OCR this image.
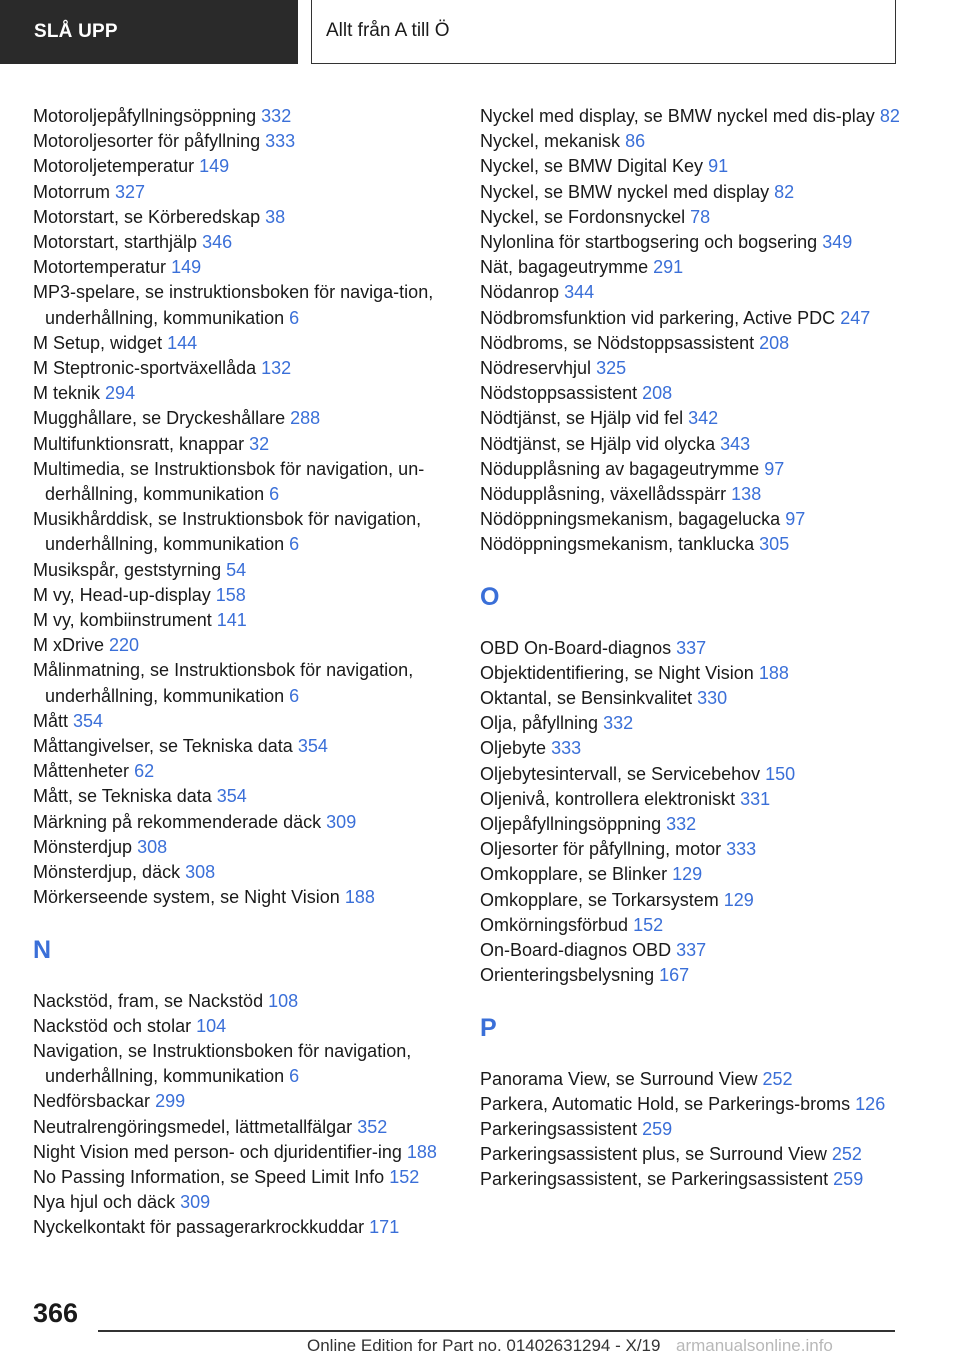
SLÅ UPP	Allt från A till Ö
Motoroljepåfyllningsöppning 332
Motoroljesorter för påfyllning 333
Motoroljetemperatur 149
Motorrum 327
Motorstart, se Körberedskap 38
Motorstart, starthjälp 346
Motortemperatur 149
MP3-spelare, se instruktionsboken för naviga-tion, underhållning, kommunikation 6
M Setup, widget 144
M Steptronic-sportväxellåda 132
M teknik 294
Mugghållare, se Dryckeshållare 288
Multifunktionsratt, knappar 32
Multimedia, se Instruktionsbok för navigation, un-derhållning, kommunikation 6
Musikhårddisk, se Instruktionsbok för navigation, underhållning, kommunikation 6
Musikspår, geststyrning 54
M vy, Head-up-display 158
M vy, kombiinstrument 141
M xDrive 220
Målinmatning, se Instruktionsbok för navigation, underhållning, kommunikation 6
Mått 354
Måttangivelser, se Tekniska data 354
Måttenheter 62
Mått, se Tekniska data 354
Märkning på rekommenderade däck 309
Mönsterdjup 308
Mönsterdjup, däck 308
Mörkerseende system, se Night Vision 188
N
Nackstöd, fram, se Nackstöd 108
Nackstöd och stolar 104
Navigation, se Instruktionsboken för navigation, underhållning, kommunikation 6
Nedförsbackar 299
Neutralrengöringsmedel, lättmetallfälgar 352
Night Vision med person- och djuridentifier-ing 188
No Passing Information, se Speed Limit Info 152
Nya hjul och däck 309
Nyckelkontakt för passagerarkrockkuddar 171
Nyckel med display, se BMW nyckel med dis-play 82
Nyckel, mekanisk 86
Nyckel, se BMW Digital Key 91
Nyckel, se BMW nyckel med display 82
Nyckel, se Fordonsnyckel 78
Nylonlina för startbogsering och bogsering 349
Nät, bagageutrymme 291
Nödanrop 344
Nödbromsfunktion vid parkering, Active PDC 247
Nödbroms, se Nödstoppsassistent 208
Nödreservhjul 325
Nödstoppsassistent 208
Nödtjänst, se Hjälp vid fel 342
Nödtjänst, se Hjälp vid olycka 343
Nödupplåsning av bagageutrymme 97
Nödupplåsning, växellådsspärr 138
Nödöppningsmekanism, bagagelucka 97
Nödöppningsmekanism, tanklucka 305
O
OBD On-Board-diagnos 337
Objektidentifiering, se Night Vision 188
Oktantal, se Bensinkvalitet 330
Olja, påfyllning 332
Oljebyte 333
Oljebytesintervall, se Servicebehov 150
Oljenivå, kontrollera elektroniskt 331
Oljepåfyllningsöppning 332
Oljesorter för påfyllning, motor 333
Omkopplare, se Blinker 129
Omkopplare, se Torkarsystem 129
Omkörningsförbud 152
On-Board-diagnos OBD 337
Orienteringsbelysning 167
P
Panorama View, se Surround View 252
Parkera, Automatic Hold, se Parkerings-broms 126
Parkeringsassistent 259
Parkeringsassistent plus, se Surround View 252
Parkeringsassistent, se Parkeringsassistent 259
366
Online Edition for Part no. 01402631294 - X/19 armanualsonline.info
